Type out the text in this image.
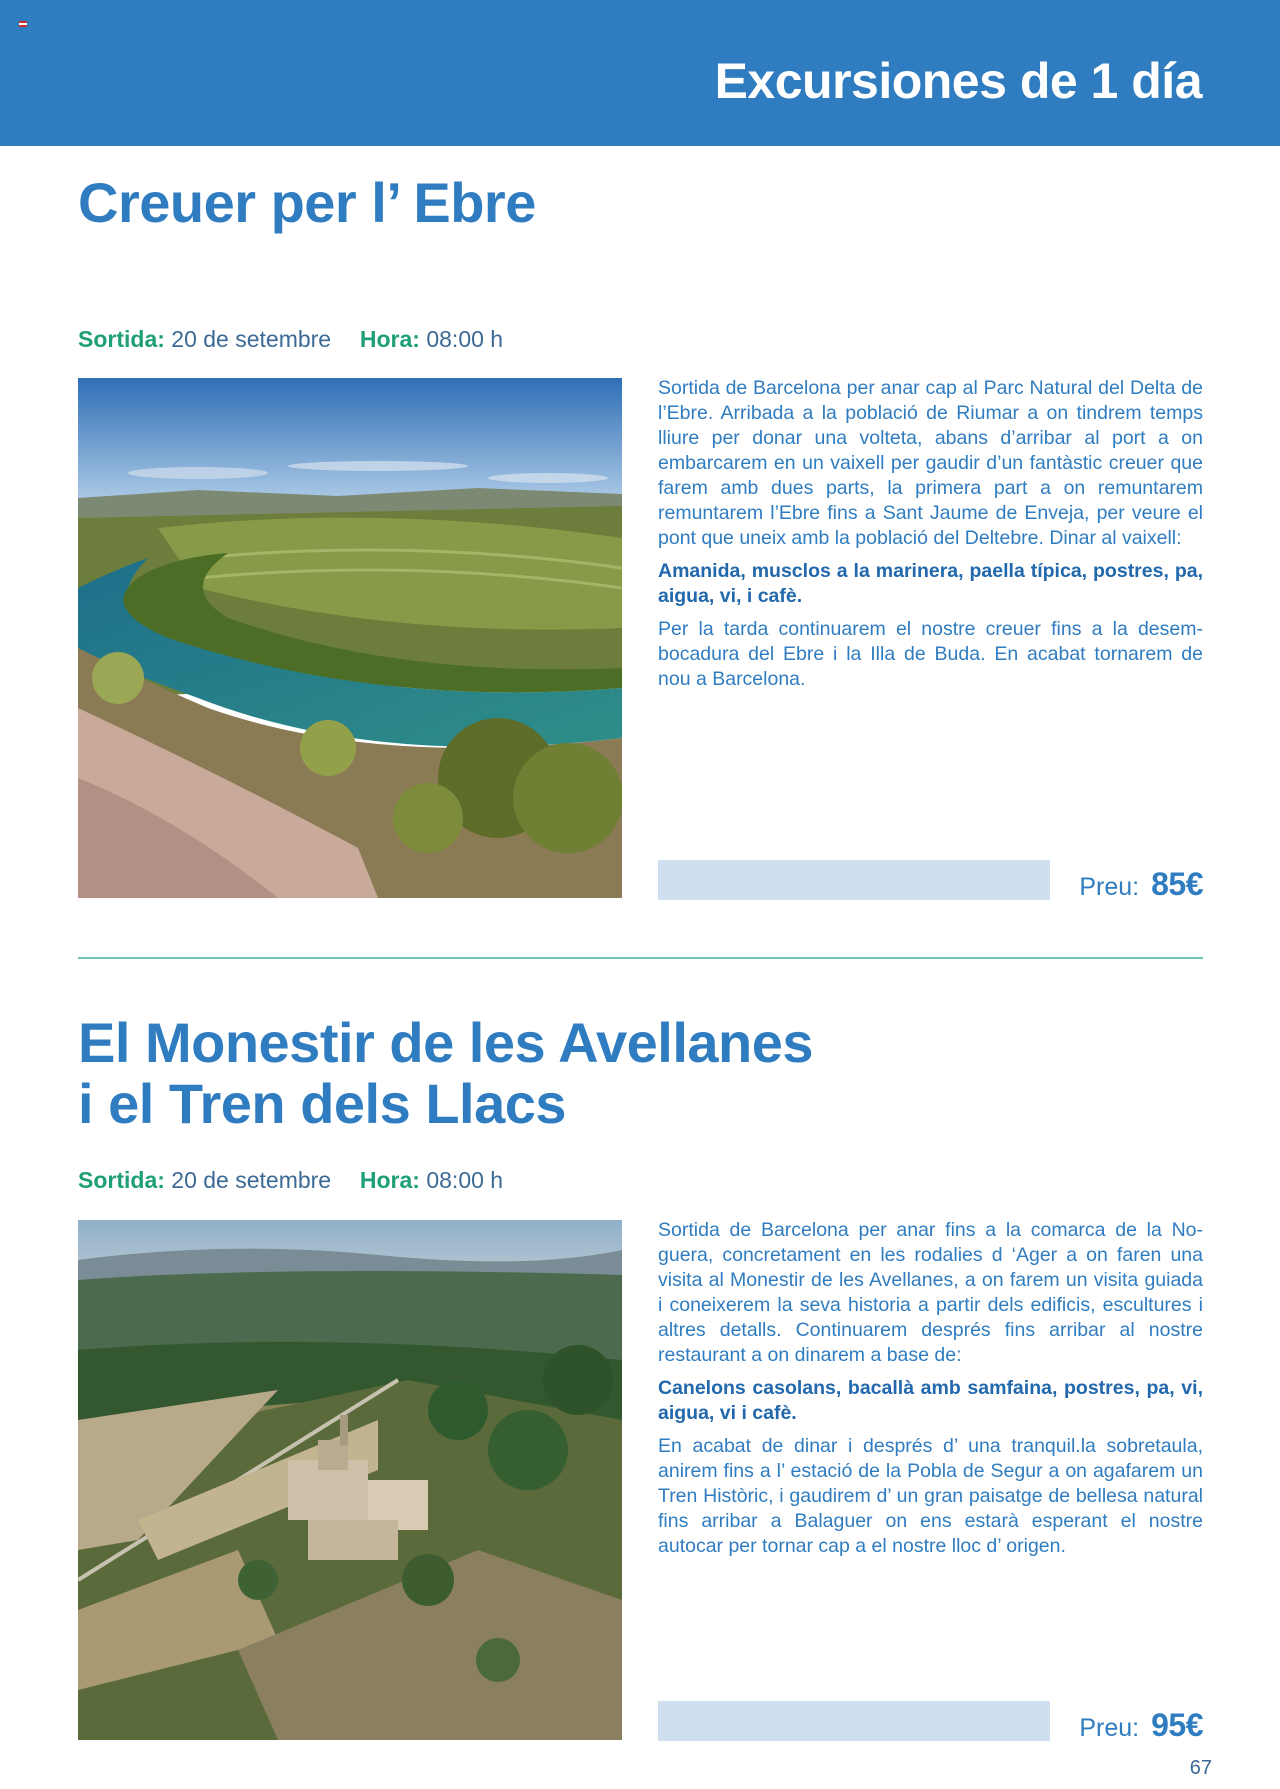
Excursiones de 1 día
Creuer per l’ Ebre
Sortida: 20 de setembre Hora: 08:00 h

Sortida de Barcelona per anar cap al Parc Natural del Delta de l’Ebre. Arribada a la població de Riumar a on tindrem temps lliure per donar una volteta, abans d’arribar al port a on embarcarem en un vaixell per gaudir d’un fantàstic creuer que farem amb dues parts, la primera part a on remuntarem remuntarem l’Ebre fins a Sant Jaume de Enveja, per veure el pont que uneix amb la població del Deltebre. Dinar al vaixell:

Amanida, musclos a la marinera, paella típica, postres, pa, aigua, vi, i cafè.

Per la tarda continuarem el nostre creuer fins a la desembocadura del Ebre i la Illa de Buda. En acabat tornarem de nou a Barcelona.

Preu: 85€
El Monestir de les Avellanes
i el Tren dels Llacs
Sortida: 20 de setembre Hora: 08:00 h

Sortida de Barcelona per anar fins a la comarca de la Noguera, concretament en les rodalies d ‘Ager a on faren una visita al Monestir de les Avellanes, a on farem un visita guiada i coneixerem la seva historia a partir dels edificis, escultures i altres detalls. Continuarem després fins arribar al nostre restaurant a on dinarem a base de:

Canelons casolans, bacallà amb samfaina, postres, pa, vi, aigua, vi i cafè.

En acabat de dinar i després d’ una tranquil.la sobretaula, anirem fins a l’ estació de la Pobla de Segur a on agafarem un Tren Històric, i gaudirem d’ un gran paisatge de bellesa natural fins arribar a Balaguer on ens estarà esperant el nostre autocar per tornar cap a el nostre lloc d’ origen.

Preu: 95€
67
